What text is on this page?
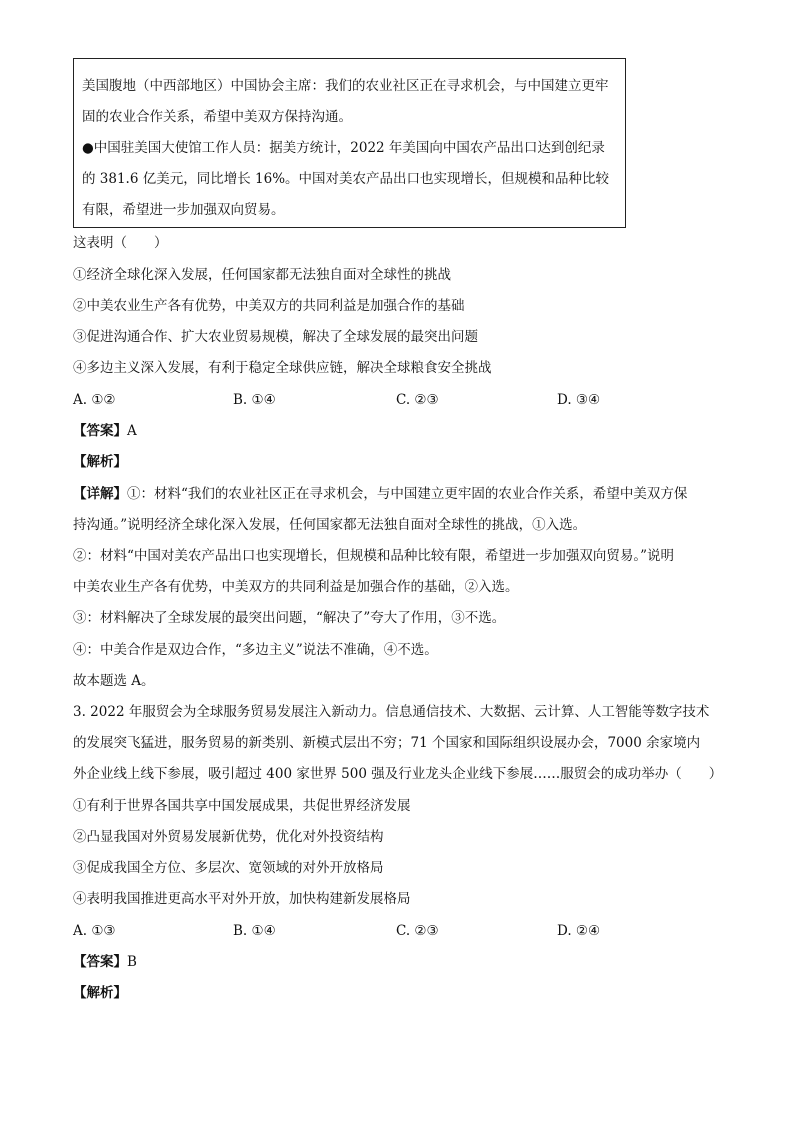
美国腹地（中西部地区）中国协会主席：我们的农业社区正在寻求机会，与中国建立更牢
固的农业合作关系，希望中美双方保持沟通。
●中国驻美国大使馆工作人员：据美方统计，2022 年美国向中国农产品出口达到创纪录
的 381.6 亿美元，同比增长 16%。中国对美农产品出口也实现增长，但规模和品种比较
有限，希望进一步加强双向贸易。
这表明（　　）
①经济全球化深入发展，任何国家都无法独自面对全球性的挑战
②中美农业生产各有优势，中美双方的共同利益是加强合作的基础
③促进沟通合作、扩大农业贸易规模，解决了全球发展的最突出问题
④多边主义深入发展，有利于稳定全球供应链，解决全球粮食安全挑战
A. ①②	B. ①④	C. ②③	D. ③④
【答案】A
【解析】
【详解】①：材料“我们的农业社区正在寻求机会，与中国建立更牢固的农业合作关系，希望中美双方保
持沟通。”说明经济全球化深入发展，任何国家都无法独自面对全球性的挑战，①入选。
②：材料“中国对美农产品出口也实现增长，但规模和品种比较有限，希望进一步加强双向贸易。”说明
中美农业生产各有优势，中美双方的共同利益是加强合作的基础，②入选。
③：材料解决了全球发展的最突出问题，“解决了”夸大了作用，③不选。
④：中美合作是双边合作，“多边主义”说法不准确，④不选。
故本题选 A。
3. 2022 年服贸会为全球服务贸易发展注入新动力。信息通信技术、大数据、云计算、人工智能等数字技术
的发展突飞猛进，服务贸易的新类别、新模式层出不穷；71 个国家和国际组织设展办会，7000 余家境内
外企业线上线下参展，吸引超过 400 家世界 500 强及行业龙头企业线下参展……服贸会的成功举办（　　）
①有利于世界各国共享中国发展成果，共促世界经济发展
②凸显我国对外贸易发展新优势，优化对外投资结构
③促成我国全方位、多层次、宽领域的对外开放格局
④表明我国推进更高水平对外开放，加快构建新发展格局
A. ①③	B. ①④	C. ②③	D. ②④
【答案】B
【解析】
